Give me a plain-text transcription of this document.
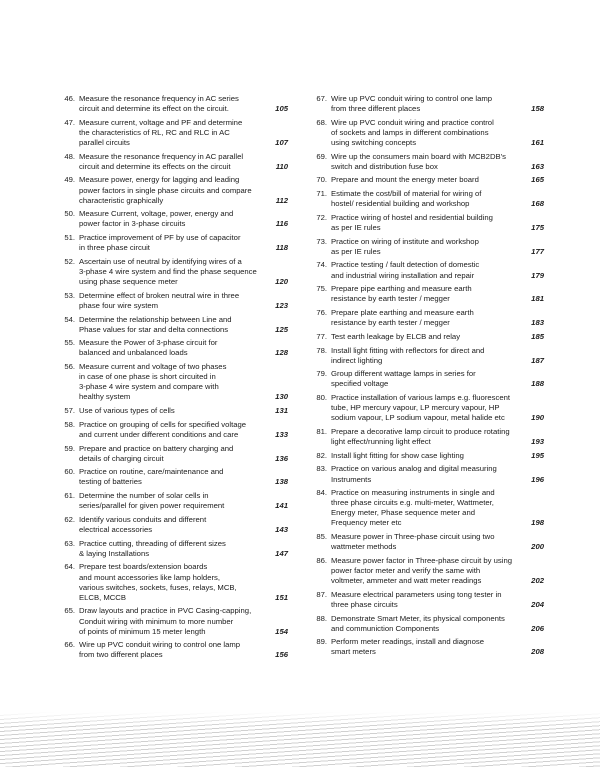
46. Measure the resonance frequency in AC series
circuit and determine its effect on the circuit.	105
47. Measure current, voltage and PF and determine
the characteristics of RL, RC and RLC in AC
parallel circuits	107
48. Measure the resonance frequency in AC parallel
circuit and determine its effects on the circuit	110
49. Measure power, energy for lagging and leading
power factors in single phase circuits and compare
characteristic graphically	112
50. Measure Current, voltage, power, energy and
power factor in 3-phase circuits	116
51. Practice improvement of PF by use of capacitor
in three phase circuit	118
52. Ascertain use of neutral by identifying wires of a
3-phase 4 wire system and find the phase sequence
using phase sequence meter	120
53. Determine effect of broken neutral wire in three
phase four wire system	123
54. Determine the relationship between Line and
Phase values for star and delta connections	125
55. Measure the Power of 3-phase circuit for
balanced and unbalanced loads	128
56. Measure current and voltage of two phases
in case of one phase is short circuited in
3-phase 4 wire system and compare with
healthy system	130
57. Use of various types of cells	131
58. Practice on grouping of cells for specified voltage
and current under different conditions and care	133
59. Prepare and practice on battery charging and
details of charging circuit	136
60. Practice on routine, care/maintenance and
testing of batteries	138
61. Determine the number of solar cells in
series/parallel for given power requirement	141
62. Identify various conduits and different
electrical accessories	143
63. Practice cutting, threading of different sizes
& laying Installations	147
64. Prepare test boards/extension boards
and mount accessories like lamp holders,
various switches, sockets, fuses, relays, MCB,
ELCB, MCCB	151
65. Draw layouts and practice in PVC Casing-capping,
Conduit wiring with minimum to more number
of points of minimum 15 meter length	154
66. Wire up PVC conduit wiring to control one lamp
from two different places	156
67. Wire up PVC conduit wiring to control one lamp
from three different places	158
68. Wire up PVC conduit wiring and practice control
of sockets and lamps in different combinations
using switching concepts	161
69. Wire up the consumers main board with MCB2DB's
switch and distribution fuse box	163
70. Prepare and mount the energy meter board	165
71. Estimate the cost/bill of material for wiring of
hostel/ residential building and workshop	168
72. Practice wiring of hostel and residential building
as per IE rules	175
73. Practice on wiring of institute and workshop
as per IE rules	177
74. Practice testing / fault detection of domestic
and industrial wiring installation and repair	179
75. Prepare pipe earthing and measure earth
resistance by earth tester / megger	181
76. Prepare plate earthing and measure earth
resistance by earth tester / megger	183
77. Test earth leakage by ELCB and relay	185
78. Install light fitting with reflectors for direct and
indirect lighting	187
79. Group different wattage lamps in series for
specified voltage	188
80. Practice installation of various lamps e.g. fluorescent
tube, HP mercury vapour, LP mercury vapour, HP
sodium vapour, LP sodium vapour, metal halide etc	190
81. Prepare a decorative lamp circuit to produce rotating
light effect/running light effect	193
82. Install light fitting for show case lighting	195
83. Practice on various analog and digital measuring
Instruments	196
84. Practice on measuring instruments in single and
three phase circuits e.g. multi-meter, Wattmeter,
Energy meter, Phase sequence meter and
Frequency meter etc	198
85. Measure power in Three-phase circuit using two
wattmeter methods	200
86. Measure power factor in Three-phase circuit by using
power factor meter and verify the same with
voltmeter, ammeter and watt meter readings	202
87. Measure electrical parameters using tong tester in
three phase circuits	204
88. Demonstrate Smart Meter, its physical components
and communiction Components	206
89. Perform meter readings, install and diagnose
smart meters	208
